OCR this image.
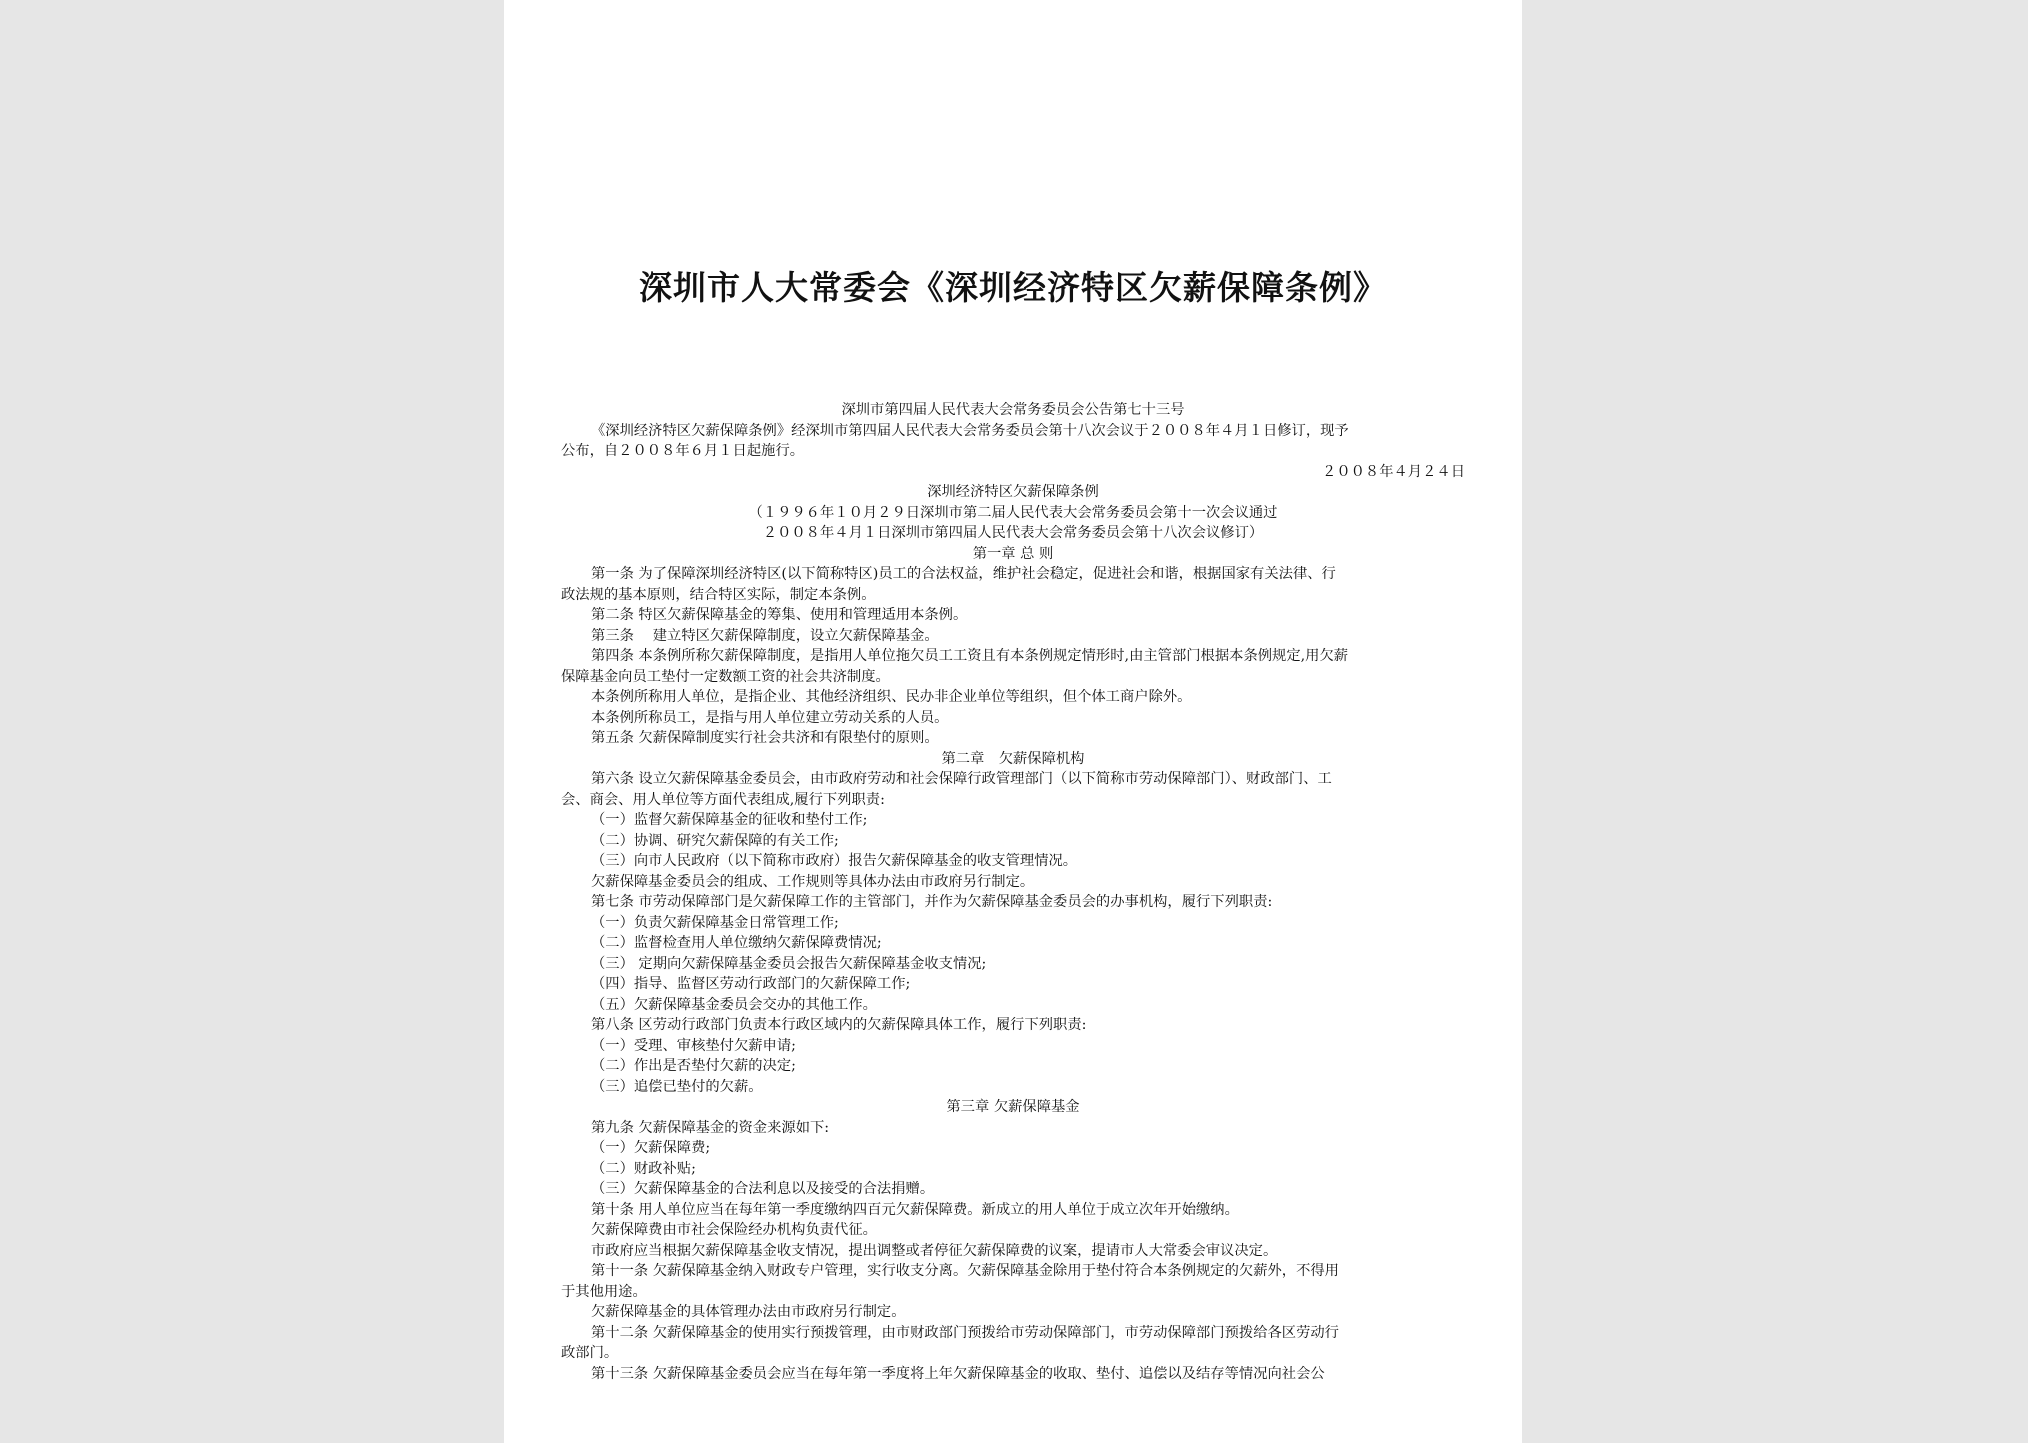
深圳市人大常委会《深圳经济特区欠薪保障条例》

深圳市第四届人民代表大会常务委员会公告第七十三号

《深圳经济特区欠薪保障条例》经深圳市第四届人民代表大会常务委员会第十八次会议于２００８年４月１日修订，现予

公布，自２００８年６月１日起施行。

２００８年４月２４日

深圳经济特区欠薪保障条例

（１９９６年１０月２９日深圳市第二届人民代表大会常务委员会第十一次会议通过

２００８年４月１日深圳市第四届人民代表大会常务委员会第十八次会议修订）

第一章 总 则

第一条 为了保障深圳经济特区(以下简称特区)员工的合法权益，维护社会稳定，促进社会和谐，根据国家有关法律、行

政法规的基本原则，结合特区实际，制定本条例。

第二条 特区欠薪保障基金的筹集、使用和管理适用本条例。

第三条　 建立特区欠薪保障制度，设立欠薪保障基金。

第四条 本条例所称欠薪保障制度，是指用人单位拖欠员工工资且有本条例规定情形时,由主管部门根据本条例规定,用欠薪

保障基金向员工垫付一定数额工资的社会共济制度。

本条例所称用人单位，是指企业、其他经济组织、民办非企业单位等组织，但个体工商户除外。

本条例所称员工，是指与用人单位建立劳动关系的人员。

第五条 欠薪保障制度实行社会共济和有限垫付的原则。

第二章　欠薪保障机构

第六条 设立欠薪保障基金委员会，由市政府劳动和社会保障行政管理部门（以下简称市劳动保障部门）、财政部门、工

会、商会、用人单位等方面代表组成,履行下列职责:

（一）监督欠薪保障基金的征收和垫付工作;

（二）协调、研究欠薪保障的有关工作;

（三）向市人民政府（以下简称市政府）报告欠薪保障基金的收支管理情况。

欠薪保障基金委员会的组成、工作规则等具体办法由市政府另行制定。

第七条 市劳动保障部门是欠薪保障工作的主管部门，并作为欠薪保障基金委员会的办事机构，履行下列职责:

（一）负责欠薪保障基金日常管理工作;

（二）监督检查用人单位缴纳欠薪保障费情况;

（三） 定期向欠薪保障基金委员会报告欠薪保障基金收支情况;

（四）指导、监督区劳动行政部门的欠薪保障工作;

（五）欠薪保障基金委员会交办的其他工作。

第八条 区劳动行政部门负责本行政区域内的欠薪保障具体工作，履行下列职责:

（一）受理、审核垫付欠薪申请;

（二）作出是否垫付欠薪的决定;

（三）追偿已垫付的欠薪。

第三章 欠薪保障基金

第九条 欠薪保障基金的资金来源如下:

（一）欠薪保障费;

（二）财政补贴;

（三）欠薪保障基金的合法利息以及接受的合法捐赠。

第十条 用人单位应当在每年第一季度缴纳四百元欠薪保障费。新成立的用人单位于成立次年开始缴纳。

欠薪保障费由市社会保险经办机构负责代征。

市政府应当根据欠薪保障基金收支情况，提出调整或者停征欠薪保障费的议案，提请市人大常委会审议决定。

第十一条 欠薪保障基金纳入财政专户管理，实行收支分离。欠薪保障基金除用于垫付符合本条例规定的欠薪外，不得用

于其他用途。

欠薪保障基金的具体管理办法由市政府另行制定。

第十二条 欠薪保障基金的使用实行预拨管理，由市财政部门预拨给市劳动保障部门，市劳动保障部门预拨给各区劳动行

政部门。

第十三条 欠薪保障基金委员会应当在每年第一季度将上年欠薪保障基金的收取、垫付、追偿以及结存等情况向社会公
